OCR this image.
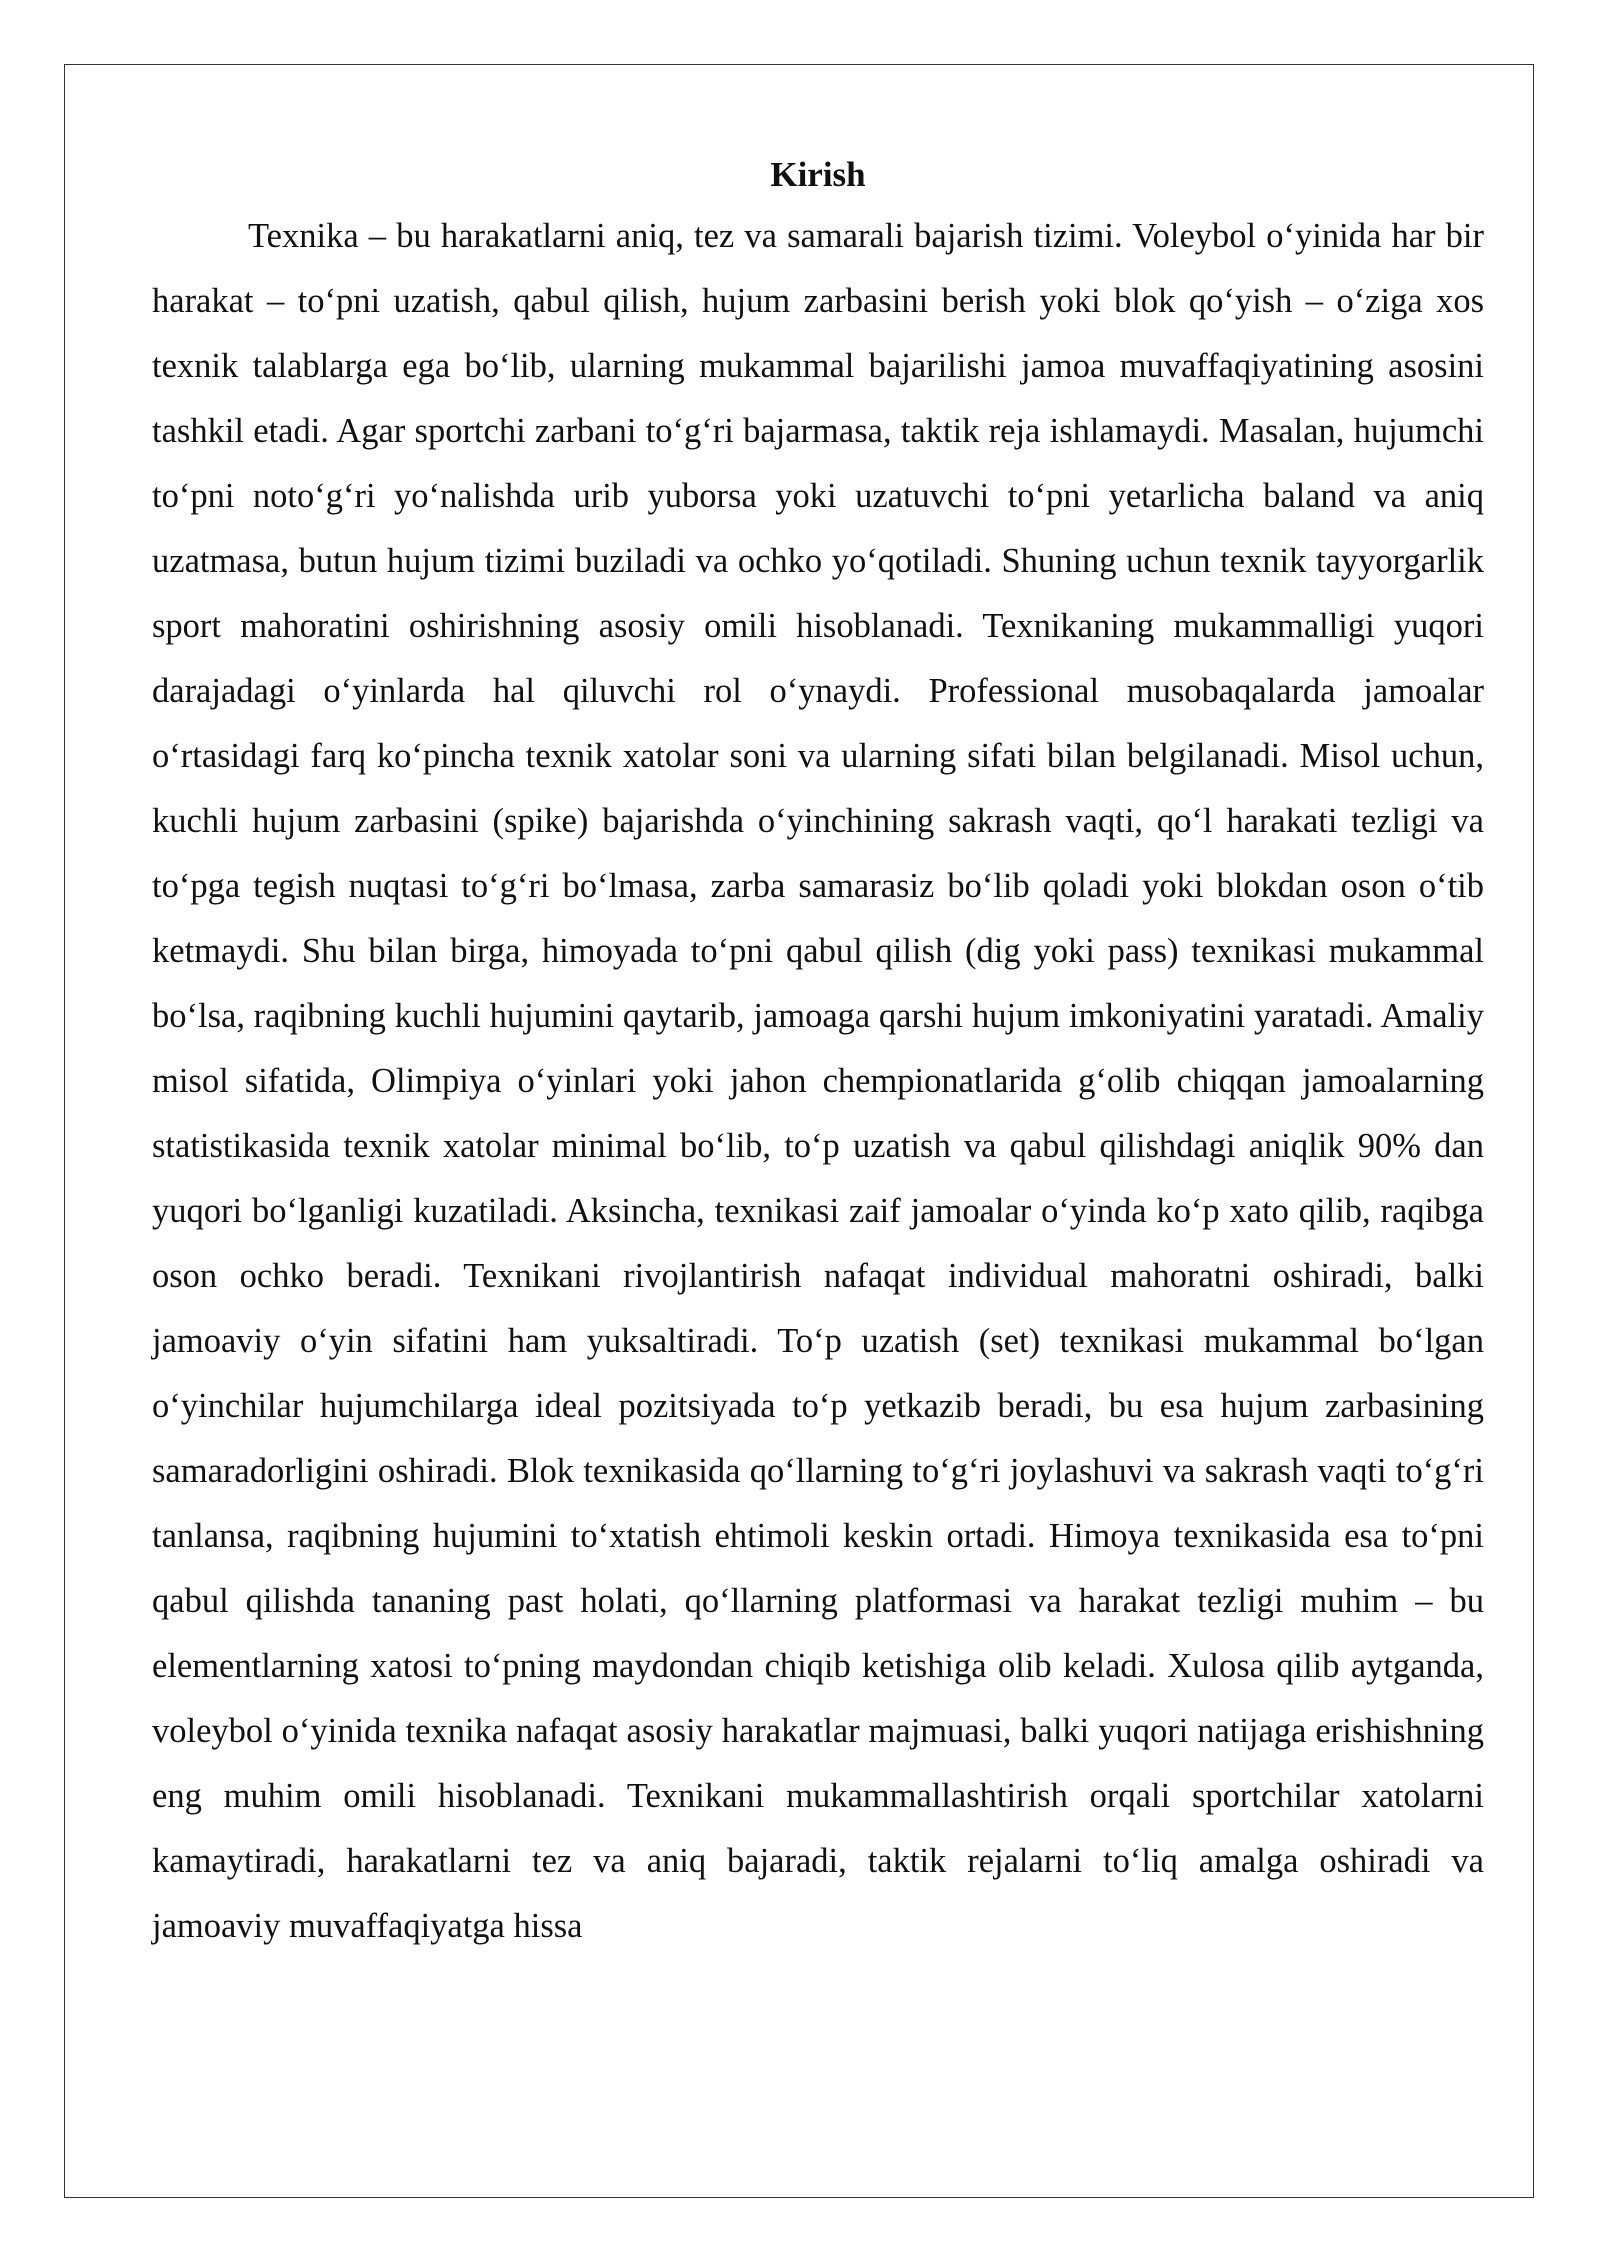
Kirish

Texnika – bu harakatlarni aniq, tez va samarali bajarish tizimi. Voleybol o‘yinida har bir harakat – to‘pni uzatish, qabul qilish, hujum zarbasini berish yoki blok qo‘yish – o‘ziga xos texnik talablarga ega bo‘lib, ularning mukammal bajarilishi jamoa muvaffaqiyatining asosini tashkil etadi. Agar sportchi zarbani to‘g‘ri bajarmasa, taktik reja ishlamaydi. Masalan, hujumchi to‘pni noto‘g‘ri yo‘nalishda urib yuborsa yoki uzatuvchi to‘pni yetarlicha baland va aniq uzatmasa, butun hujum tizimi buziladi va ochko yo‘qotiladi. Shuning uchun texnik tayyorgarlik sport mahoratini oshirishning asosiy omili hisoblanadi. Texnikaning mukammalligi yuqori darajadagi o‘yinlarda hal qiluvchi rol o‘ynaydi. Professional musobaqalarda jamoalar o‘rtasidagi farq ko‘pincha texnik xatolar soni va ularning sifati bilan belgilanadi. Misol uchun, kuchli hujum zarbasini (spike) bajarishda o‘yinchining sakrash vaqti, qo‘l harakati tezligi va to‘pga tegish nuqtasi to‘g‘ri bo‘lmasa, zarba samarasiz bo‘lib qoladi yoki blokdan oson o‘tib ketmaydi. Shu bilan birga, himoyada to‘pni qabul qilish (dig yoki pass) texnikasi mukammal bo‘lsa, raqibning kuchli hujumini qaytarib, jamoaga qarshi hujum imkoniyatini yaratadi. Amaliy misol sifatida, Olimpiya o‘yinlari yoki jahon chempionatlarida g‘olib chiqqan jamoalarning statistikasida texnik xatolar minimal bo‘lib, to‘p uzatish va qabul qilishdagi aniqlik 90% dan yuqori bo‘lganligi kuzatiladi. Aksincha, texnikasi zaif jamoalar o‘yinda ko‘p xato qilib, raqibga oson ochko beradi. Texnikani rivojlantirish nafaqat individual mahoratni oshiradi, balki jamoaviy o‘yin sifatini ham yuksaltiradi. To‘p uzatish (set) texnikasi mukammal bo‘lgan o‘yinchilar hujumchilarga ideal pozitsiyada to‘p yetkazib beradi, bu esa hujum zarbasining samaradorligini oshiradi. Blok texnikasida qo‘llarning to‘g‘ri joylashuvi va sakrash vaqti to‘g‘ri tanlansa, raqibning hujumini to‘xtatish ehtimoli keskin ortadi. Himoya texnikasida esa to‘pni qabul qilishda tananing past holati, qo‘llarning platformasi va harakat tezligi muhim – bu elementlarning xatosi to‘pning maydondan chiqib ketishiga olib keladi. Xulosa qilib aytganda, voleybol o‘yinida texnika nafaqat asosiy harakatlar majmuasi, balki yuqori natijaga erishishning eng muhim omili hisoblanadi. Texnikani mukammallashtirish orqali sportchilar xatolarni kamaytiradi, harakatlarni tez va aniq bajaradi, taktik rejalarni to‘liq amalga oshiradi va jamoaviy muvaffaqiyatga hissa
